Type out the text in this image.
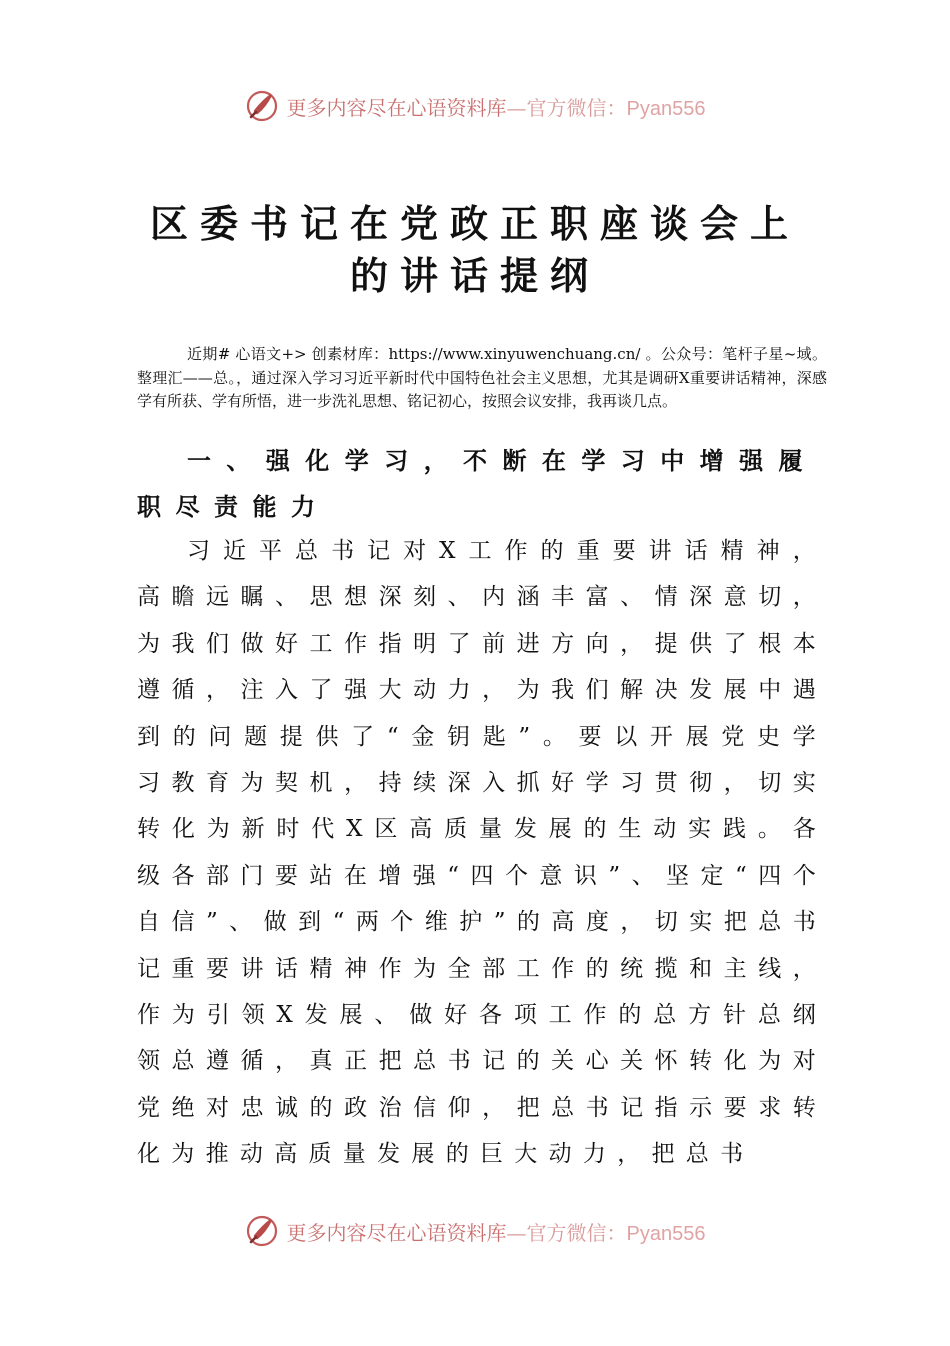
更多内容尽在心语资料库—官方微信：Pyan556
区委书记在党政正职座谈会上
的讲话提纲

近期# 心语文+> 创素材库：https://www.xinyuwenchuang.cn/ 。公众号：笔杆子星~域。整理汇——总。，通过深入学习习近平新时代中国特色社会主义思想，尤其是调研X重要讲话精神，深感学有所获、学有所悟，进一步洗礼思想、铭记初心，按照会议安排，我再谈几点。

一、强化学习，不断在学习中增强履职尽责能力

习近平总书记对X工作的重要讲话精神，高瞻远瞩、思想深刻、内涵丰富、情深意切，为我们做好工作指明了前进方向，提供了根本遵循，注入了强大动力，为我们解决发展中遇到的问题提供了“金钥匙”。要以开展党史学习教育为契机，持续深入抓好学习贯彻，切实转化为新时代X区高质量发展的生动实践。各级各部门要站在增强“四个意识”、坚定“四个自信”、做到“两个维护”的高度，切实把总书记重要讲话精神作为全部工作的统揽和主线，作为引领X发展、做好各项工作的总方针总纲领总遵循，真正把总书记的关心关怀转化为对党绝对忠诚的政治信仰，把总书记指示要求转化为推动高质量发展的巨大动力，把总书

更多内容尽在心语资料库—官方微信：Pyan556
